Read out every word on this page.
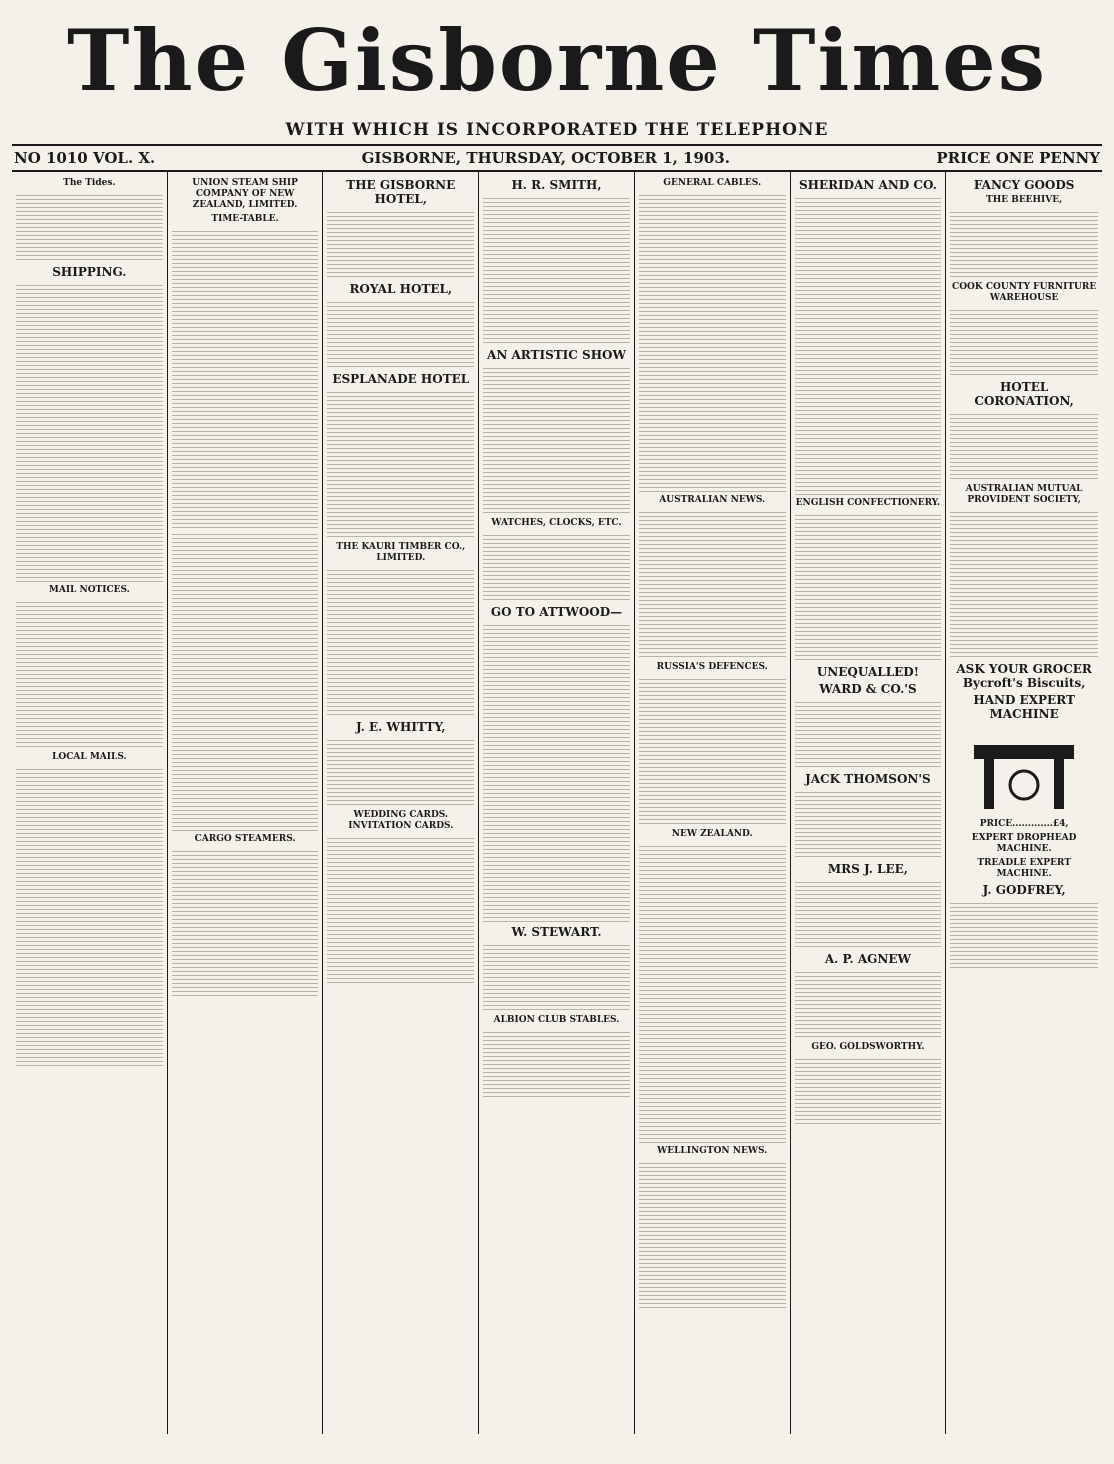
The Gisborne Times
WITH WHICH IS INCORPORATED THE TELEPHONE
NO 1010 VOL. X.	GISBORNE, THURSDAY, OCTOBER 1, 1903.	PRICE ONE PENNY
The Tides.
SHIPPING.
MAIL NOTICES.
LOCAL MAILS.
UNION STEAM SHIP COMPANY OF NEW ZEALAND, LIMITED.
TIME-TABLE.
CARGO STEAMERS.
THE GISBORNE HOTEL,
ROYAL HOTEL,
ESPLANADE HOTEL
THE KAURI TIMBER CO., LIMITED.
J. E. WHITTY,
WEDDING CARDS. INVITATION CARDS.
H. R. SMITH,
AN ARTISTIC SHOW
WATCHES, CLOCKS, ETC.
GO TO ATTWOOD—
W. STEWART.
ALBION CLUB STABLES.
GENERAL CABLES.
AUSTRALIAN NEWS.
RUSSIA'S DEFENCES.
NEW ZEALAND.
WELLINGTON NEWS.
SHERIDAN AND CO.
ENGLISH CONFECTIONERY.
UNEQUALLED!
WARD & CO.'S
JACK THOMSON'S
MRS J. LEE,
A. P. AGNEW
GEO. GOLDSWORTHY.
FANCY GOODS
THE BEEHIVE,
COOK COUNTY FURNITURE WAREHOUSE
HOTEL CORONATION,
AUSTRALIAN MUTUAL PROVIDENT SOCIETY,
ASK YOUR GROCER Bycroft's Biscuits,
HAND EXPERT MACHINE
PRICE.............£4,
EXPERT DROPHEAD MACHINE.
TREADLE EXPERT MACHINE.
J. GODFREY,
